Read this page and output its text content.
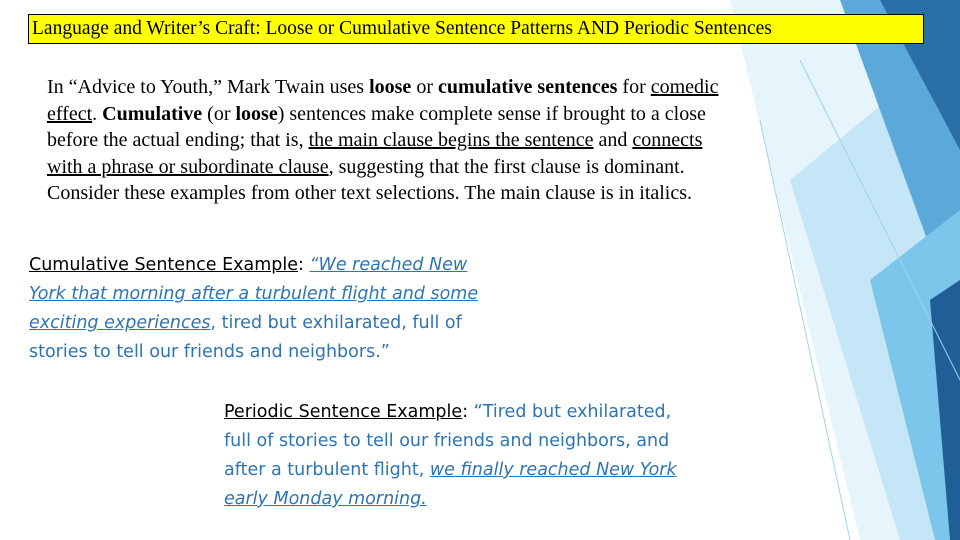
Language and Writer’s Craft: Loose or Cumulative Sentence Patterns AND Periodic Sentences
In “Advice to Youth,” Mark Twain uses loose or cumulative sentences for comedic
effect. Cumulative (or loose) sentences make complete sense if brought to a close
before the actual ending; that is, the main clause begins the sentence and connects
with a phrase or subordinate clause, suggesting that the first clause is dominant.
Consider these examples from other text selections. The main clause is in italics.
Cumulative Sentence Example: “We reached New
York that morning after a turbulent flight and some
exciting experiences, tired but exhilarated, full of
stories to tell our friends and neighbors.”
Periodic Sentence Example: “Tired but exhilarated,
full of stories to tell our friends and neighbors, and
after a turbulent flight, we finally reached New York
early Monday morning.
